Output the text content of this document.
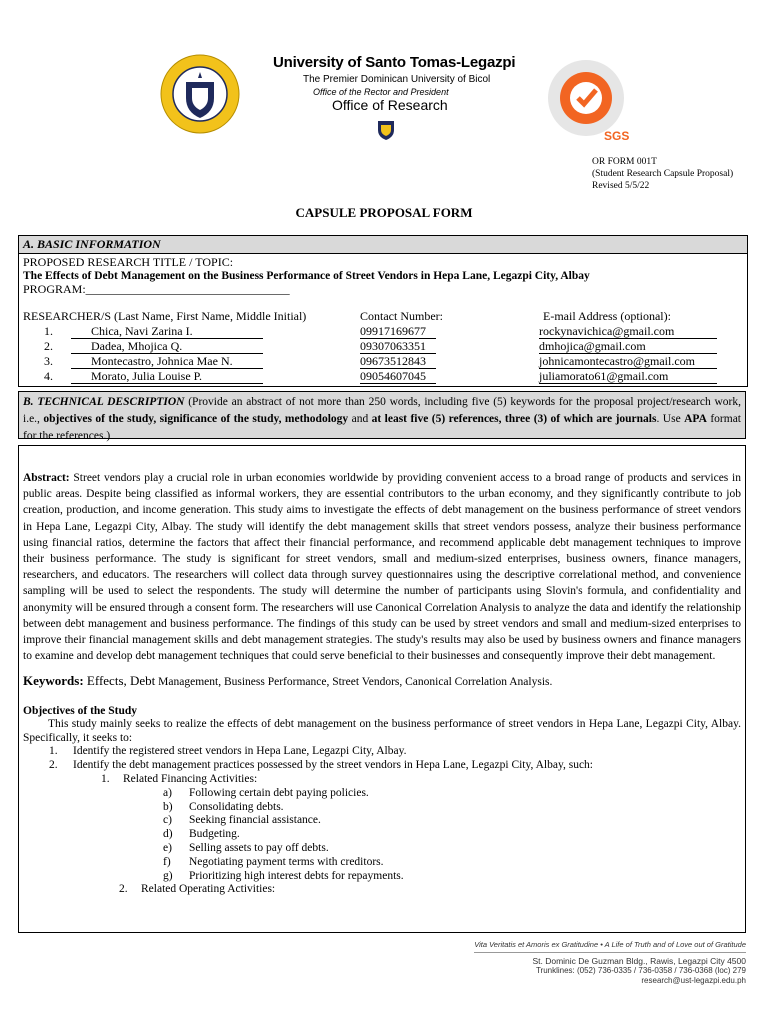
University of Santo Tomas-Legazpi
The Premier Dominican University of Bicol
Office of the Rector and President
Office of Research
SGS
OR FORM 001T
(Student Research Capsule Proposal)
Revised 5/5/22
CAPSULE PROPOSAL FORM
A. BASIC INFORMATION
PROPOSED RESEARCH TITLE / TOPIC:
The Effects of Debt Management on the Business Performance of Street Vendors in Hepa Lane, Legazpi City, Albay
PROGRAM:__________________________________
RESEARCHER/S (Last Name, First Name, Middle Initial)	Contact Number:	E-mail Address (optional):
1.	Chica, Navi Zarina I.	09917169677	rockynavichica@gmail.com
2.	Dadea, Mhojica Q.	09307063351	dmhojica@gmail.com
3.	Montecastro, Johnica Mae N.	09673512843	johnicamontecastro@gmail.com
4.	Morato, Julia Louise P.	09054607045	juliamorato61@gmail.com
B. TECHNICAL DESCRIPTION (Provide an abstract of not more than 250 words, including five (5) keywords for the proposal project/research work, i.e., objectives of the study, significance of the study, methodology and at least five (5) references, three (3) of which are journals. Use APA format for the references.)
Abstract: Street vendors play a crucial role in urban economies worldwide by providing convenient access to a broad range of products and services in public areas. Despite being classified as informal workers, they are essential contributors to the urban economy, and they significantly contribute to job creation, production, and income generation. This study aims to investigate the effects of debt management on the business performance of street vendors in Hepa Lane, Legazpi City, Albay. The study will identify the debt management skills that street vendors possess, analyze their business performance using financial ratios, determine the factors that affect their financial performance, and recommend applicable debt management techniques to improve their business performance. The study is significant for street vendors, small and medium-sized enterprises, business owners, finance managers, researchers, and educators. The researchers will collect data through survey questionnaires using the descriptive correlational method, and convenience sampling will be used to select the respondents. The study will determine the number of participants using Slovin's formula, and confidentiality and anonymity will be ensured through a consent form. The researchers will use Canonical Correlation Analysis to analyze the data and identify the relationship between debt management and business performance. The findings of this study can be used by street vendors and small and medium-sized enterprises to improve their financial management skills and debt management strategies. The study's results may also be used by business owners and finance managers to examine and develop debt management techniques that could serve beneficial to their businesses and consequently improve their debt management.
Keywords: Effects, Debt Management, Business Performance, Street Vendors, Canonical Correlation Analysis.
Objectives of the Study
This study mainly seeks to realize the effects of debt management on the business performance of street vendors in Hepa Lane, Legazpi City, Albay. Specifically, it seeks to:
1. Identify the registered street vendors in Hepa Lane, Legazpi City, Albay.
2. Identify the debt management practices possessed by the street vendors in Hepa Lane, Legazpi City, Albay, such:
1. Related Financing Activities:
a) Following certain debt paying policies.
b) Consolidating debts.
c) Seeking financial assistance.
d) Budgeting.
e) Selling assets to pay off debts.
f) Negotiating payment terms with creditors.
g) Prioritizing high interest debts for repayments.
2. Related Operating Activities:
Vita Veritatis et Amoris ex Gratitudine • A Life of Truth and of Love out of Gratitude
St. Dominic De Guzman Bldg., Rawis, Legazpi City 4500
Trunklines: (052) 736-0335 / 736-0358 / 736-0368 (loc) 279
research@ust-legazpi.edu.ph
